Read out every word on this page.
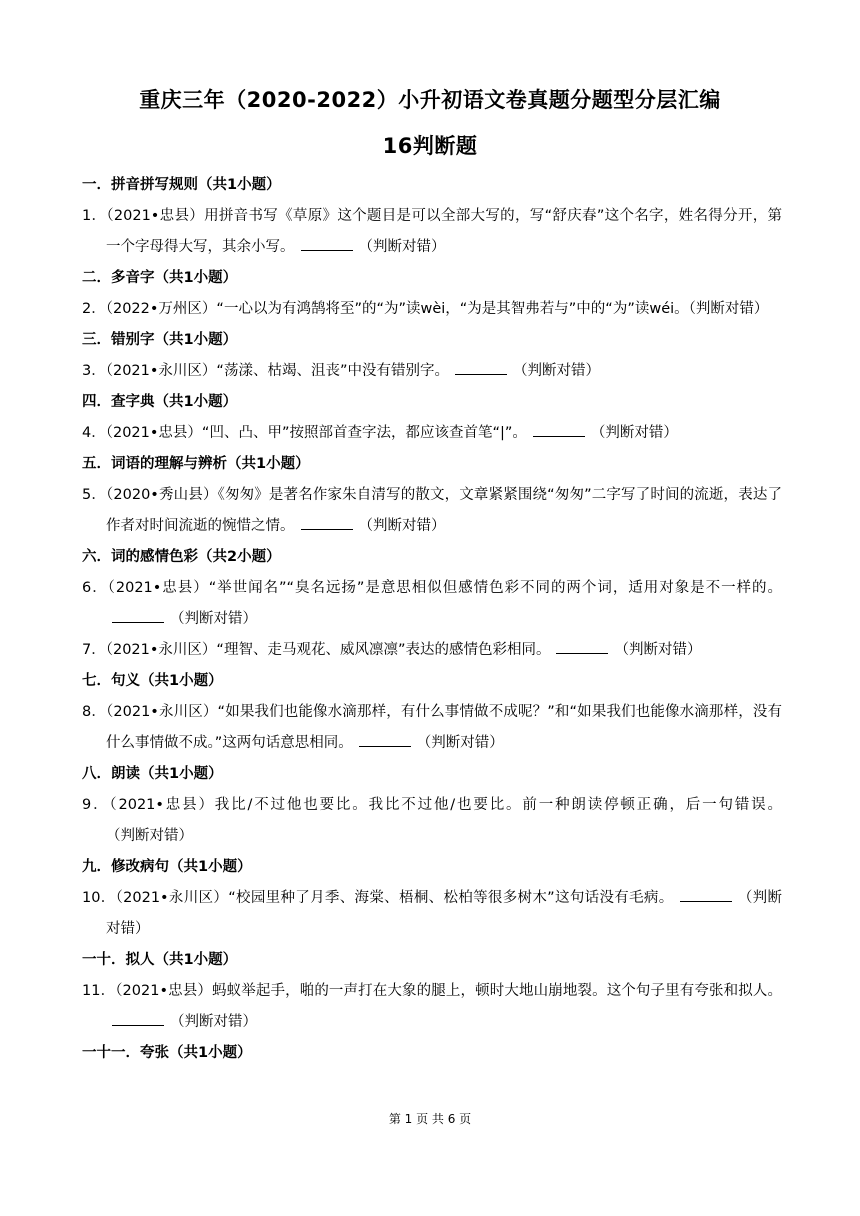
重庆三年（2020-2022）小升初语文卷真题分题型分层汇编
16判断题
一．拼音拼写规则（共1小题）
1．（2021•忠县）用拼音书写《草原》这个题目是可以全部大写的，写“舒庆春”这个名字，姓名得分开，第一个字母得大写，其余小写。	（判断对错）
二．多音字（共1小题）
2．（2022•万州区）“一心以为有鸿鹄将至”的“为”读wèi，“为是其智弗若与”中的“为”读wéi。（判断对错）
三．错别字（共1小题）
3．（2021•永川区）“荡漾、枯竭、沮丧”中没有错别字。	（判断对错）
四．查字典（共1小题）
4．（2021•忠县）“凹、凸、甲”按照部首查字法，都应该查首笔“|”。	（判断对错）
五．词语的理解与辨析（共1小题）
5．（2020•秀山县）《匆匆》是著名作家朱自清写的散文，文章紧紧围绕“匆匆”二字写了时间的流逝，表达了作者对时间流逝的惋惜之情。	（判断对错）
六．词的感情色彩（共2小题）
6．（2021•忠县）“举世闻名”“臭名远扬”是意思相似但感情色彩不同的两个词，适用对象是不一样的。（判断对错）
7．（2021•永川区）“理智、走马观花、威风凛凛”表达的感情色彩相同。	（判断对错）
七．句义（共1小题）
8．（2021•永川区）“如果我们也能像水滴那样，有什么事情做不成呢？”和“如果我们也能像水滴那样，没有什么事情做不成。”这两句话意思相同。	（判断对错）
八．朗读（共1小题）
9．（2021•忠县）我比/不过他也要比。我比不过他/也要比。前一种朗读停顿正确，后一句错误。（判断对错）
九．修改病句（共1小题）
10．（2021•永川区）“校园里种了月季、海棠、梧桐、松柏等很多树木”这句话没有毛病。	（判断对错）
一十．拟人（共1小题）
11．（2021•忠县）蚂蚁举起手，啪的一声打在大象的腿上，顿时大地山崩地裂。这个句子里有夸张和拟人。（判断对错）
一十一．夸张（共1小题）
第 1 页 共 6 页
